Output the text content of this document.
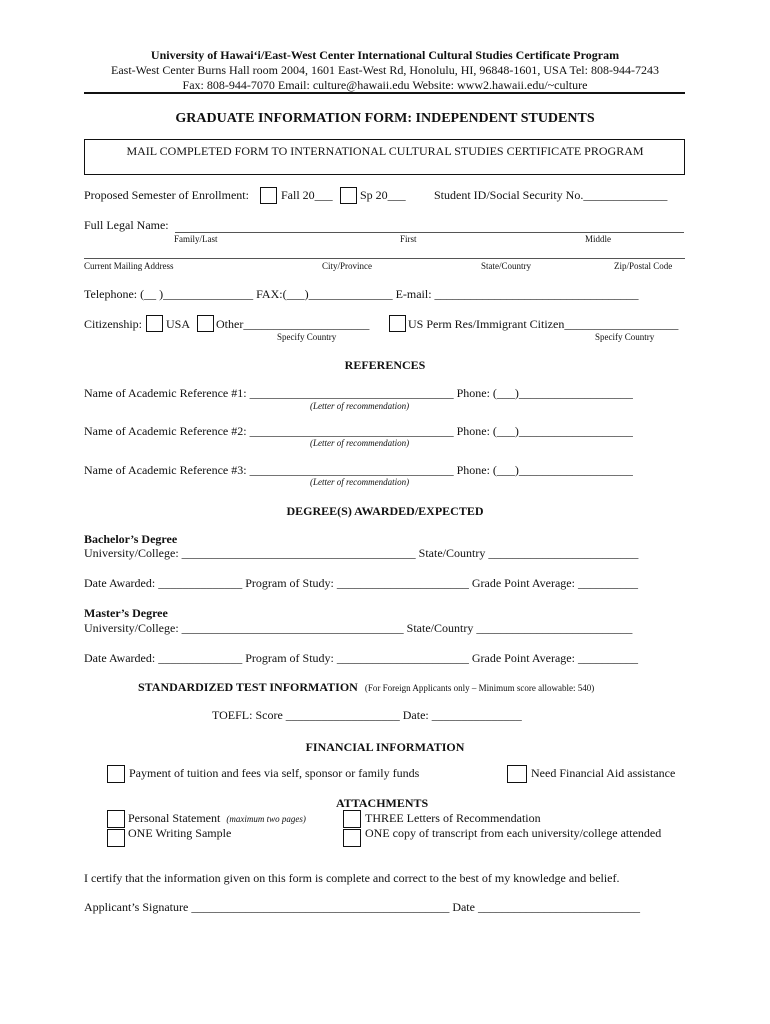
University of Hawai‘i/East-West Center International Cultural Studies Certificate Program
East-West Center Burns Hall room 2004, 1601 East-West Rd, Honolulu, HI, 96848-1601, USA Tel: 808-944-7243
Fax: 808-944-7070 Email: culture@hawaii.edu Website: www2.hawaii.edu/~culture
GRADUATE INFORMATION FORM: INDEPENDENT STUDENTS
MAIL COMPLETED FORM TO INTERNATIONAL CULTURAL STUDIES CERTIFICATE PROGRAM
Proposed Semester of Enrollment:	Fall 20___ Sp 20___ Student ID/Social Security No.______________
Full Legal Name:
Family/Last	First	Middle
Current Mailing Address	City/Province	State/Country	Zip/Postal Code
Telephone: (__ )_______________ FAX:(___)______________ E-mail: __________________________________
Citizenship: USA Other_____________________	US Perm Res/Immigrant Citizen___________________
Specify Country	Specify Country
REFERENCES
Name of Academic Reference #1: __________________________________ Phone: (___)___________________
(Letter of recommendation)
Name of Academic Reference #2: __________________________________ Phone: (___)___________________
(Letter of recommendation)
Name of Academic Reference #3: __________________________________ Phone: (___)___________________
(Letter of recommendation)
DEGREE(S) AWARDED/EXPECTED
Bachelor’s Degree
University/College: _______________________________________ State/Country _________________________
Date Awarded: ______________ Program of Study: ______________________ Grade Point Average: __________
Master’s Degree
University/College: _____________________________________ State/Country __________________________
Date Awarded: ______________ Program of Study: ______________________ Grade Point Average: __________
STANDARDIZED TEST INFORMATION (For Foreign Applicants only – Minimum score allowable: 540)
TOEFL: Score ___________________ Date: _______________
FINANCIAL INFORMATION
Payment of tuition and fees via self, sponsor or family funds	Need Financial Aid assistance
ATTACHMENTS
Personal Statement (maximum two pages)
ONE Writing Sample
THREE Letters of Recommendation
ONE copy of transcript from each university/college attended
I certify that the information given on this form is complete and correct to the best of my knowledge and belief.
Applicant’s Signature ___________________________________________ Date ___________________________
